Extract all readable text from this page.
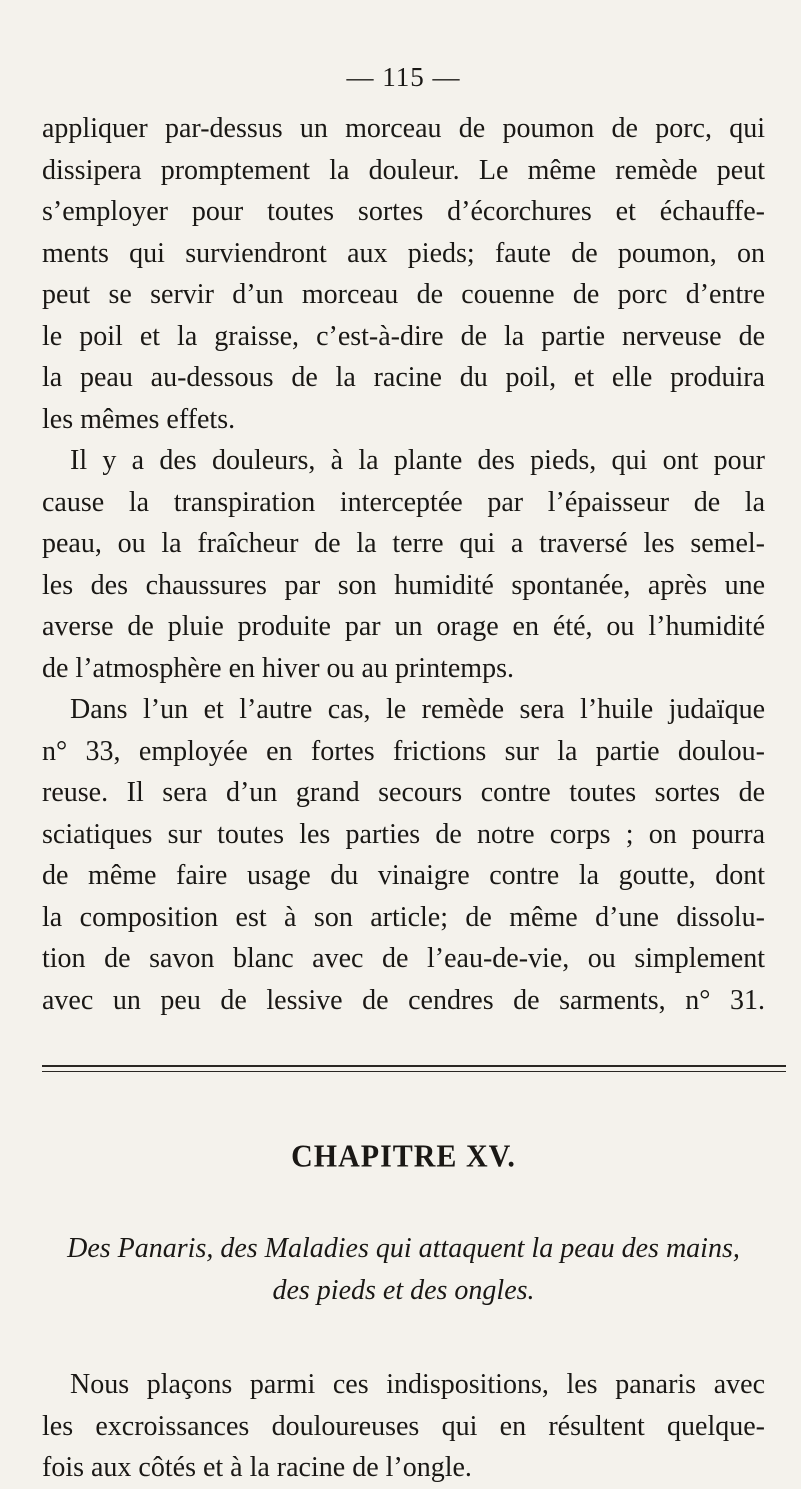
— 115 —
appliquer par-dessus un morceau de poumon de porc, qui
dissipera promptement la douleur. Le même remède peut
s’employer pour toutes sortes d’écorchures et échauffe-
ments qui surviendront aux pieds; faute de poumon, on
peut se servir d’un morceau de couenne de porc d’entre
le poil et la graisse, c’est-à-dire de la partie nerveuse de
la peau au-dessous de la racine du poil, et elle produira
les mêmes effets.
Il y a des douleurs, à la plante des pieds, qui ont pour
cause la transpiration interceptée par l’épaisseur de la
peau, ou la fraîcheur de la terre qui a traversé les semel-
les des chaussures par son humidité spontanée, après une
averse de pluie produite par un orage en été, ou l’humidité
de l’atmosphère en hiver ou au printemps.
Dans l’un et l’autre cas, le remède sera l’huile judaïque
n° 33, employée en fortes frictions sur la partie doulou-
reuse. Il sera d’un grand secours contre toutes sortes de
sciatiques sur toutes les parties de notre corps ; on pourra
de même faire usage du vinaigre contre la goutte, dont
la composition est à son article; de même d’une dissolu-
tion de savon blanc avec de l’eau-de-vie, ou simplement
avec un peu de lessive de cendres de sarments, n° 31.
CHAPITRE XV.
Des Panaris, des Maladies qui attaquent la peau des mains,
des pieds et des ongles.
Nous plaçons parmi ces indispositions, les panaris avec
les excroissances douloureuses qui en résultent quelque-
fois aux côtés et à la racine de l’ongle.
